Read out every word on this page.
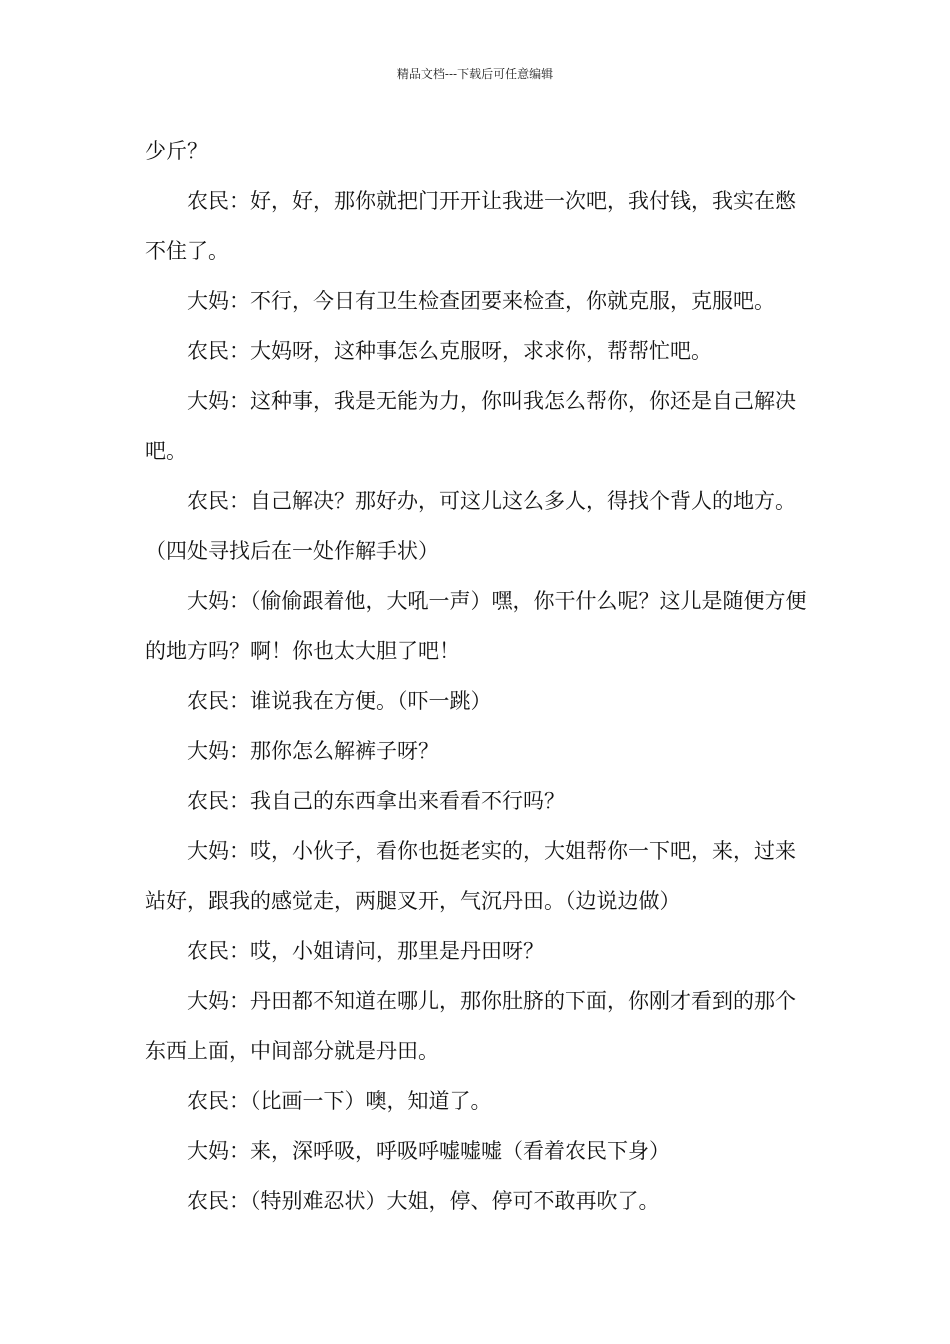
精品文档---下载后可任意编辑

少斤？

农民：好，好，那你就把门开开让我进一次吧，我付钱，我实在憋不住了。

大妈：不行，今日有卫生检查团要来检查，你就克服，克服吧。

农民：大妈呀，这种事怎么克服呀，求求你，帮帮忙吧。

大妈：这种事，我是无能为力，你叫我怎么帮你，你还是自己解决吧。

农民：自己解决？那好办，可这儿这么多人，得找个背人的地方。（四处寻找后在一处作解手状）

大妈：（偷偷跟着他，大吼一声）嘿，你干什么呢？这儿是随便方便的地方吗？啊！你也太大胆了吧！

农民：谁说我在方便。（吓一跳）

大妈：那你怎么解裤子呀？

农民：我自己的东西拿出来看看不行吗？

大妈：哎，小伙子，看你也挺老实的，大姐帮你一下吧，来，过来站好，跟我的感觉走，两腿叉开，气沉丹田。（边说边做）

农民：哎，小姐请问，那里是丹田呀？

大妈：丹田都不知道在哪儿，那你肚脐的下面，你刚才看到的那个东西上面，中间部分就是丹田。

农民：（比画一下）噢，知道了。

大妈：来，深呼吸，呼吸呼嘘嘘嘘（看着农民下身）

农民：（特别难忍状）大姐，停、停可不敢再吹了。
